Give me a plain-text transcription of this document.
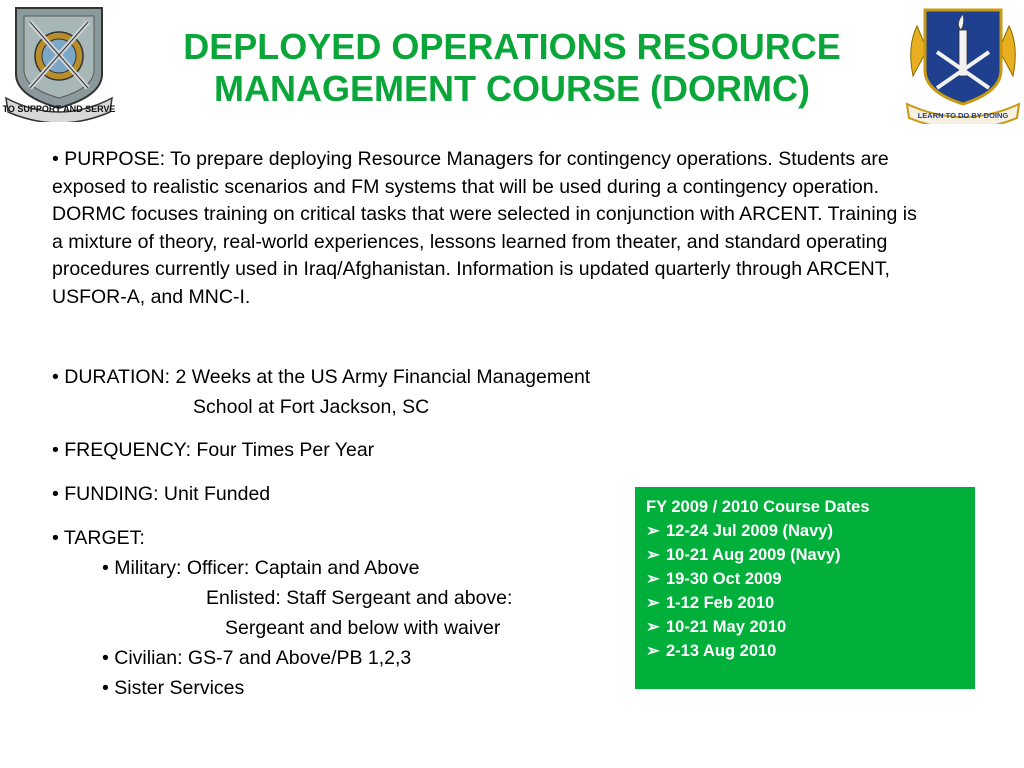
TO SUPPORT AND SERVE
DEPLOYED OPERATIONS RESOURCE
MANAGEMENT COURSE (DORMC)
LEARN TO DO BY DOING

• PURPOSE: To prepare deploying Resource Managers for contingency operations. Students are exposed to realistic scenarios and FM systems that will be used during a contingency operation. DORMC focuses training on critical tasks that were selected in conjunction with ARCENT. Training is a mixture of theory, real-world experiences, lessons learned from theater, and standard operating procedures currently used in Iraq/Afghanistan. Information is updated quarterly through ARCENT, USFOR-A, and MNC-I.

• DURATION: 2 Weeks at the US Army Financial Management
School at Fort Jackson, SC
• FREQUENCY: Four Times Per Year
• FUNDING: Unit Funded
• TARGET:
• Military: Officer: Captain and Above
Enlisted: Staff Sergeant and above:
Sergeant and below with waiver
• Civilian: GS-7 and Above/PB 1,2,3
• Sister Services
FY 2009 / 2010 Course Dates
➢ 12-24 Jul 2009 (Navy)
➢ 10-21 Aug 2009 (Navy)
➢ 19-30 Oct 2009
➢ 1-12 Feb 2010
➢ 10-21 May 2010
➢ 2-13 Aug 2010
